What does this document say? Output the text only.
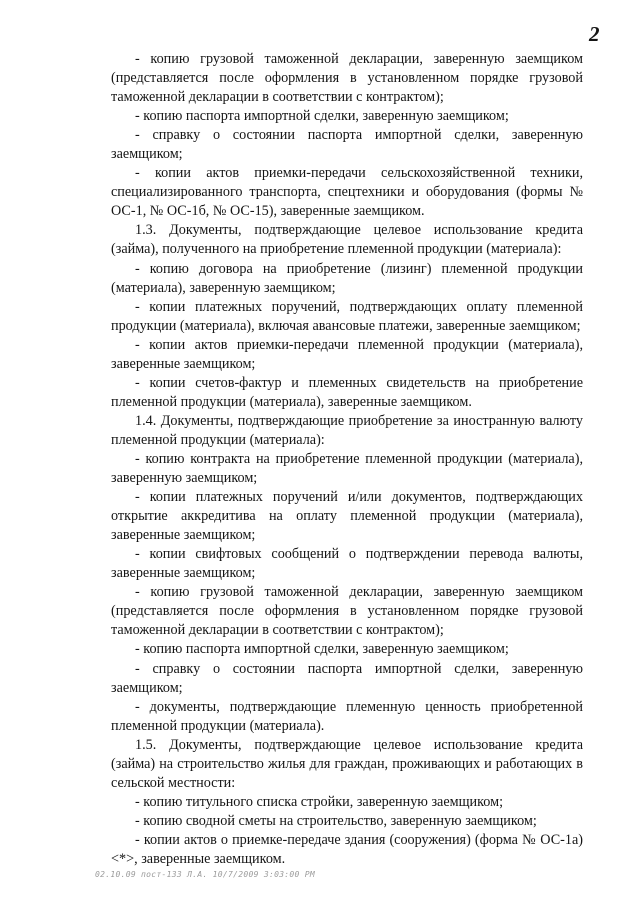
2

- копию грузовой таможенной декларации, заверенную заемщиком (представляется после оформления в установленном порядке грузовой таможенной декларации в соответствии с контрактом);

- копию паспорта импортной сделки, заверенную заемщиком;

- справку о состоянии паспорта импортной сделки, заверенную заемщиком;

- копии актов приемки-передачи сельскохозяйственной техники, специализированного транспорта, спецтехники и оборудования (формы № ОС-1, № ОС-1б, № ОС-15), заверенные заемщиком.

1.3. Документы, подтверждающие целевое использование кредита (займа), полученного на приобретение племенной продукции (материала):

- копию договора на приобретение (лизинг) племенной продукции (материала), заверенную заемщиком;

- копии платежных поручений, подтверждающих оплату племенной продукции (материала), включая авансовые платежи, заверенные заемщиком;

- копии актов приемки-передачи племенной продукции (материала), заверенные заемщиком;

- копии счетов-фактур и племенных свидетельств на приобретение племенной продукции (материала), заверенные заемщиком.

1.4. Документы, подтверждающие приобретение за иностранную валюту племенной продукции (материала):

- копию контракта на приобретение племенной продукции (материала), заверенную заемщиком;

- копии платежных поручений и/или документов, подтверждающих открытие аккредитива на оплату племенной продукции (материала), заверенные заемщиком;

- копии свифтовых сообщений о подтверждении перевода валюты, заверенные заемщиком;

- копию грузовой таможенной декларации, заверенную заемщиком (представляется после оформления в установленном порядке грузовой таможенной декларации в соответствии с контрактом);

- копию паспорта импортной сделки, заверенную заемщиком;

- справку о состоянии паспорта импортной сделки, заверенную заемщиком;

- документы, подтверждающие племенную ценность приобретенной племенной продукции (материала).

1.5. Документы, подтверждающие целевое использование кредита (займа) на строительство жилья для граждан, проживающих и работающих в сельской местности:

- копию титульного списка стройки, заверенную заемщиком;

- копию сводной сметы на строительство, заверенную заемщиком;

- копии актов о приемке-передаче здания (сооружения) (форма № ОС-1а) <*>, заверенные заемщиком.

02.10.09 пост-133 Л.А. 10/7/2009 3:03:00 PM
